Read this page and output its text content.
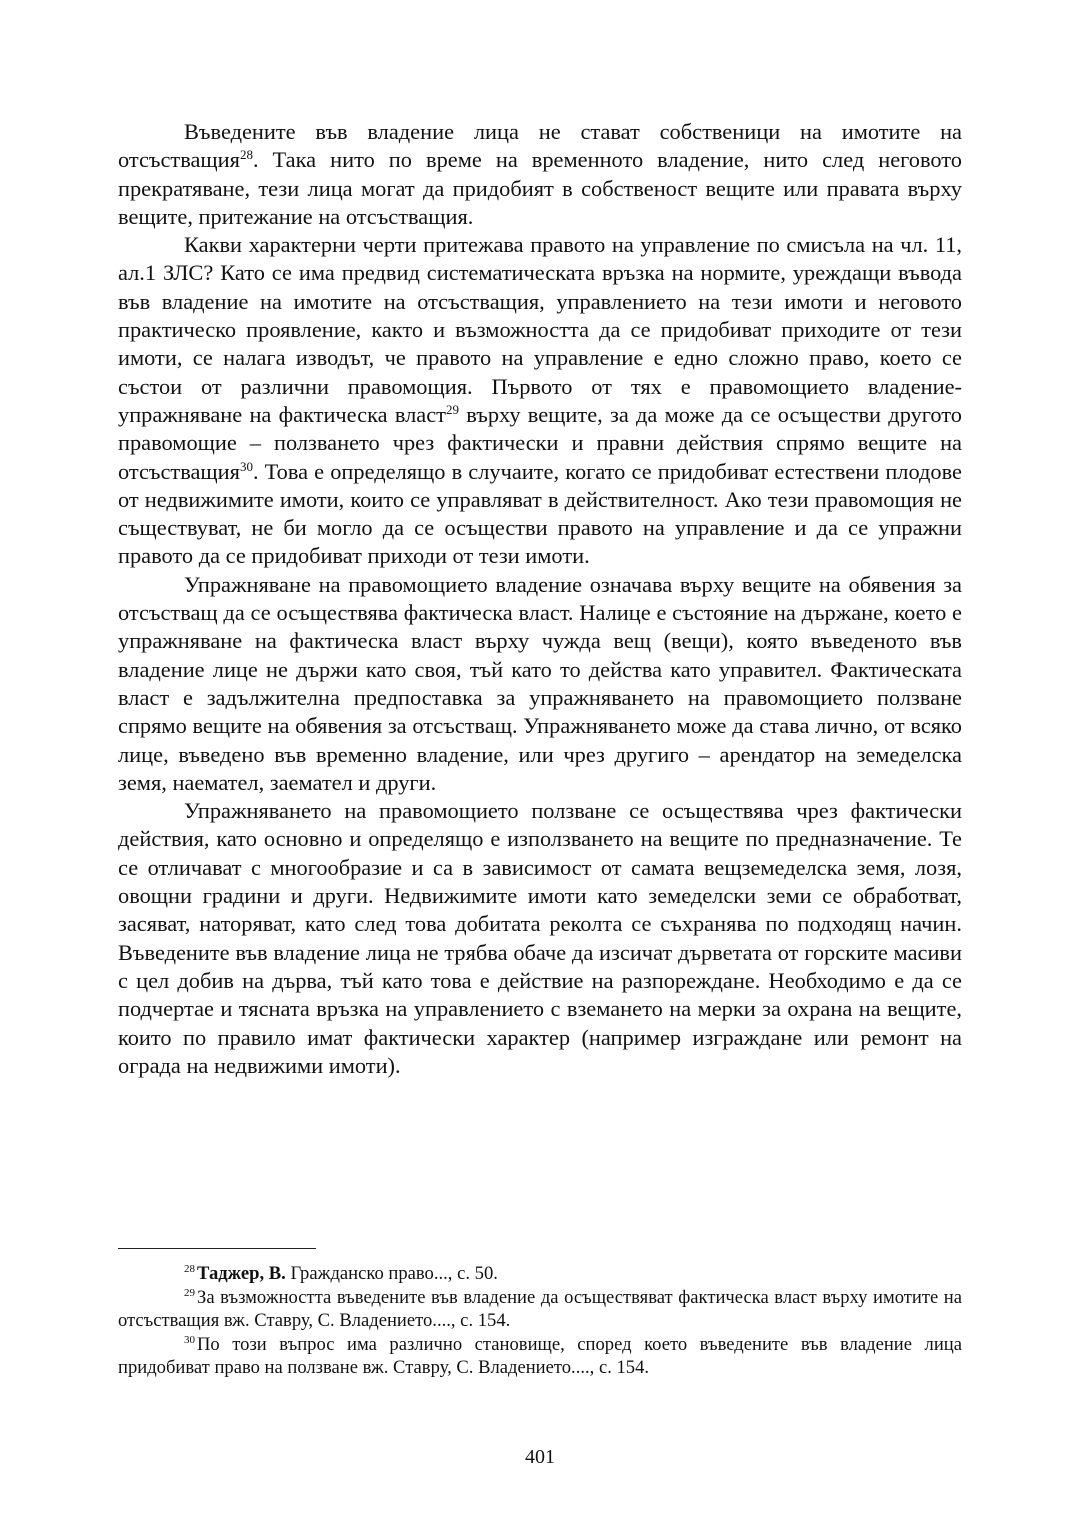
Въведените във владение лица не стават собственици на имотите на отсъстващия$^{28}$. Така нито по време на временното владение, нито след неговото прекратяване, тези лица могат да придобият в собственост вещите или правата върху вещите, притежание на отсъстващия.

Какви характерни черти притежава правото на управление по смисъла на чл. 11, ал.1 ЗЛС? Като се има предвид систематическата връзка на нормите, уреждащи въвода във владение на имотите на отсъстващия, управлението на тези имоти и неговото практическо проявление, както и възможността да се придобиват приходите от тези имоти, се налага изводът, че правото на управление е едно сложно право, което се състои от различни правомощия. Първото от тях е правомощието владение-упражняване на фактическа власт$^{29}$ върху вещите, за да може да се осъществи другото правомощие – ползването чрез фактически и правни действия спрямо вещите на отсъстващия$^{30}$. Това е определящо в случаите, когато се придобиват естествени плодове от недвижимите имоти, които се управляват в действителност. Ако тези правомощия не съществуват, не би могло да се осъществи правото на управление и да се упражни правото да се придобиват приходи от тези имоти.

Упражняване на правомощието владение означава върху вещите на обявения за отсъстващ да се осъществява фактическа власт. Налице е състояние на държане, което е упражняване на фактическа власт върху чужда вещ (вещи), която въведеното във владение лице не държи като своя, тъй като то действа като управител. Фактическата власт е задължителна предпоставка за упражняването на правомощието ползване спрямо вещите на обявения за отсъстващ. Упражняването може да става лично, от всяко лице, въведено във временно владение, или чрез другиго – арендатор на земеделска земя, наематeл, заематeл и други.

Упражняването на правомощието ползване се осъществява чрез фактически действия, като основно и определящо е използването на вещите по предназначение. Те се отличават с многообразие и са в зависимост от самата вещземеделска земя, лозя, овощни градини и други. Недвижимите имоти като земеделски земи се обработват, засяват, наторяват, като след това добитата реколта се съхранява по подходящ начин. Въведените във владение лица не трябва обаче да изсичат дърветата от горските масиви с цел добив на дърва, тъй като това е действие на разпореждане. Необходимо е да се подчертае и тясната връзка на управлението с вземането на мерки за охрана на вещите, които по правило имат фактически характер (например изграждане или ремонт на ограда на недвижими имоти).

$^{28}$ Таджер, В. Гражданско право..., с. 50.

$^{29}$ За възможността въведените във владение да осъществяват фактическа власт върху имотите на отсъстващия вж. Ставру, С. Владението...., с. 154.

$^{30}$ По този въпрос има различно становище, според което въведените във владение лица придобиват право на ползване вж. Ставру, С. Владението...., с. 154.

401
